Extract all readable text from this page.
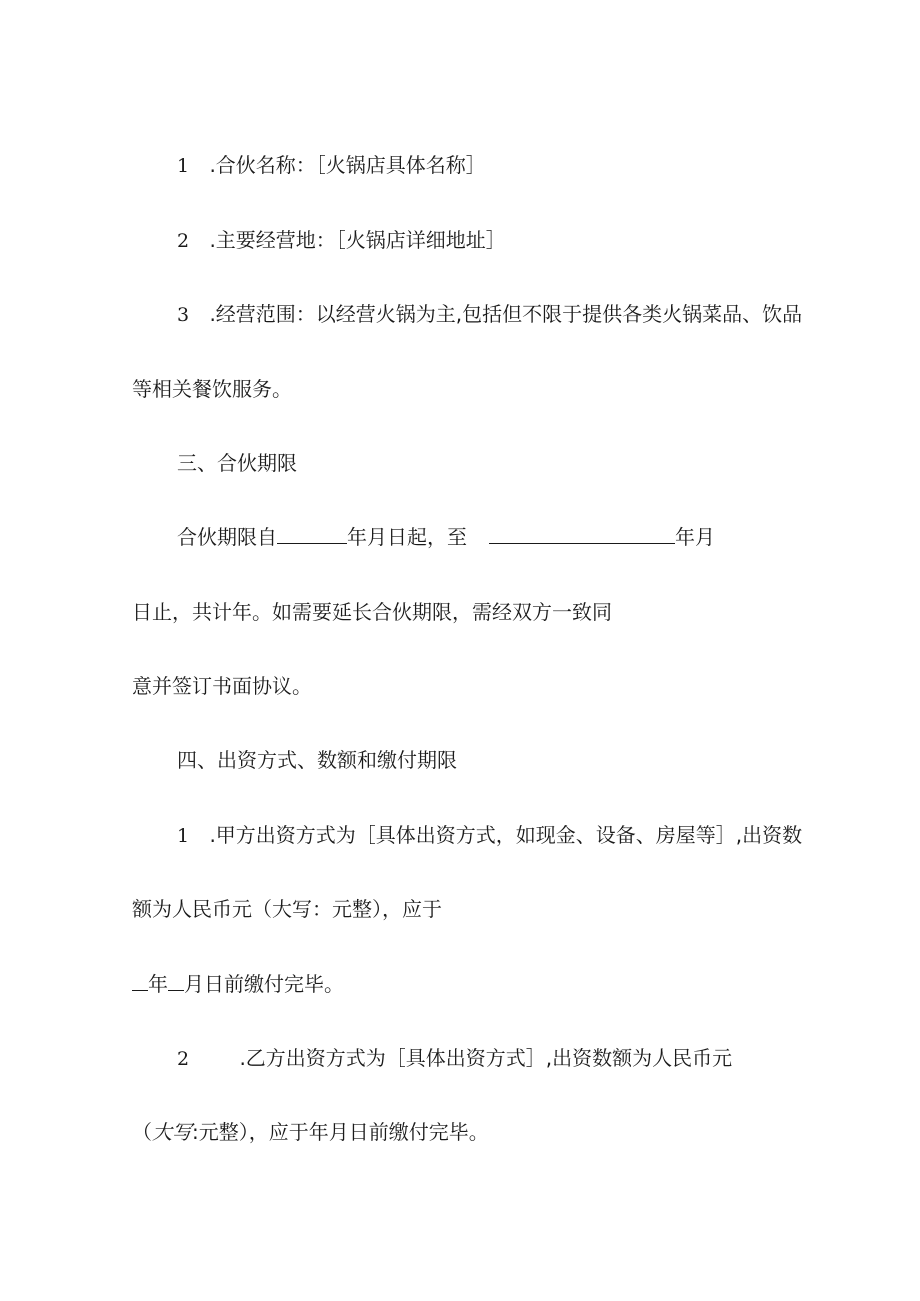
1 .合伙名称：［火锅店具体名称］
2 .主要经营地：［火锅店详细地址］
3 .经营范围：以经营火锅为主,包括但不限于提供各类火锅菜品、饮品
等相关餐饮服务。
三、合伙期限
合伙期限自	年月日起，至	年月
日止，共计年。如需要延长合伙期限，需经双方一致同
意并签订书面协议。
四、出资方式、数额和缴付期限
1 .甲方出资方式为［具体出资方式，如现金、设备、房屋等］,出资数
额为人民币元（大写：元整），应于
年 月日前缴付完毕。
2	.乙方出资方式为［具体出资方式］,出资数额为人民币元
（大写:元整），应于年月日前缴付完毕。
